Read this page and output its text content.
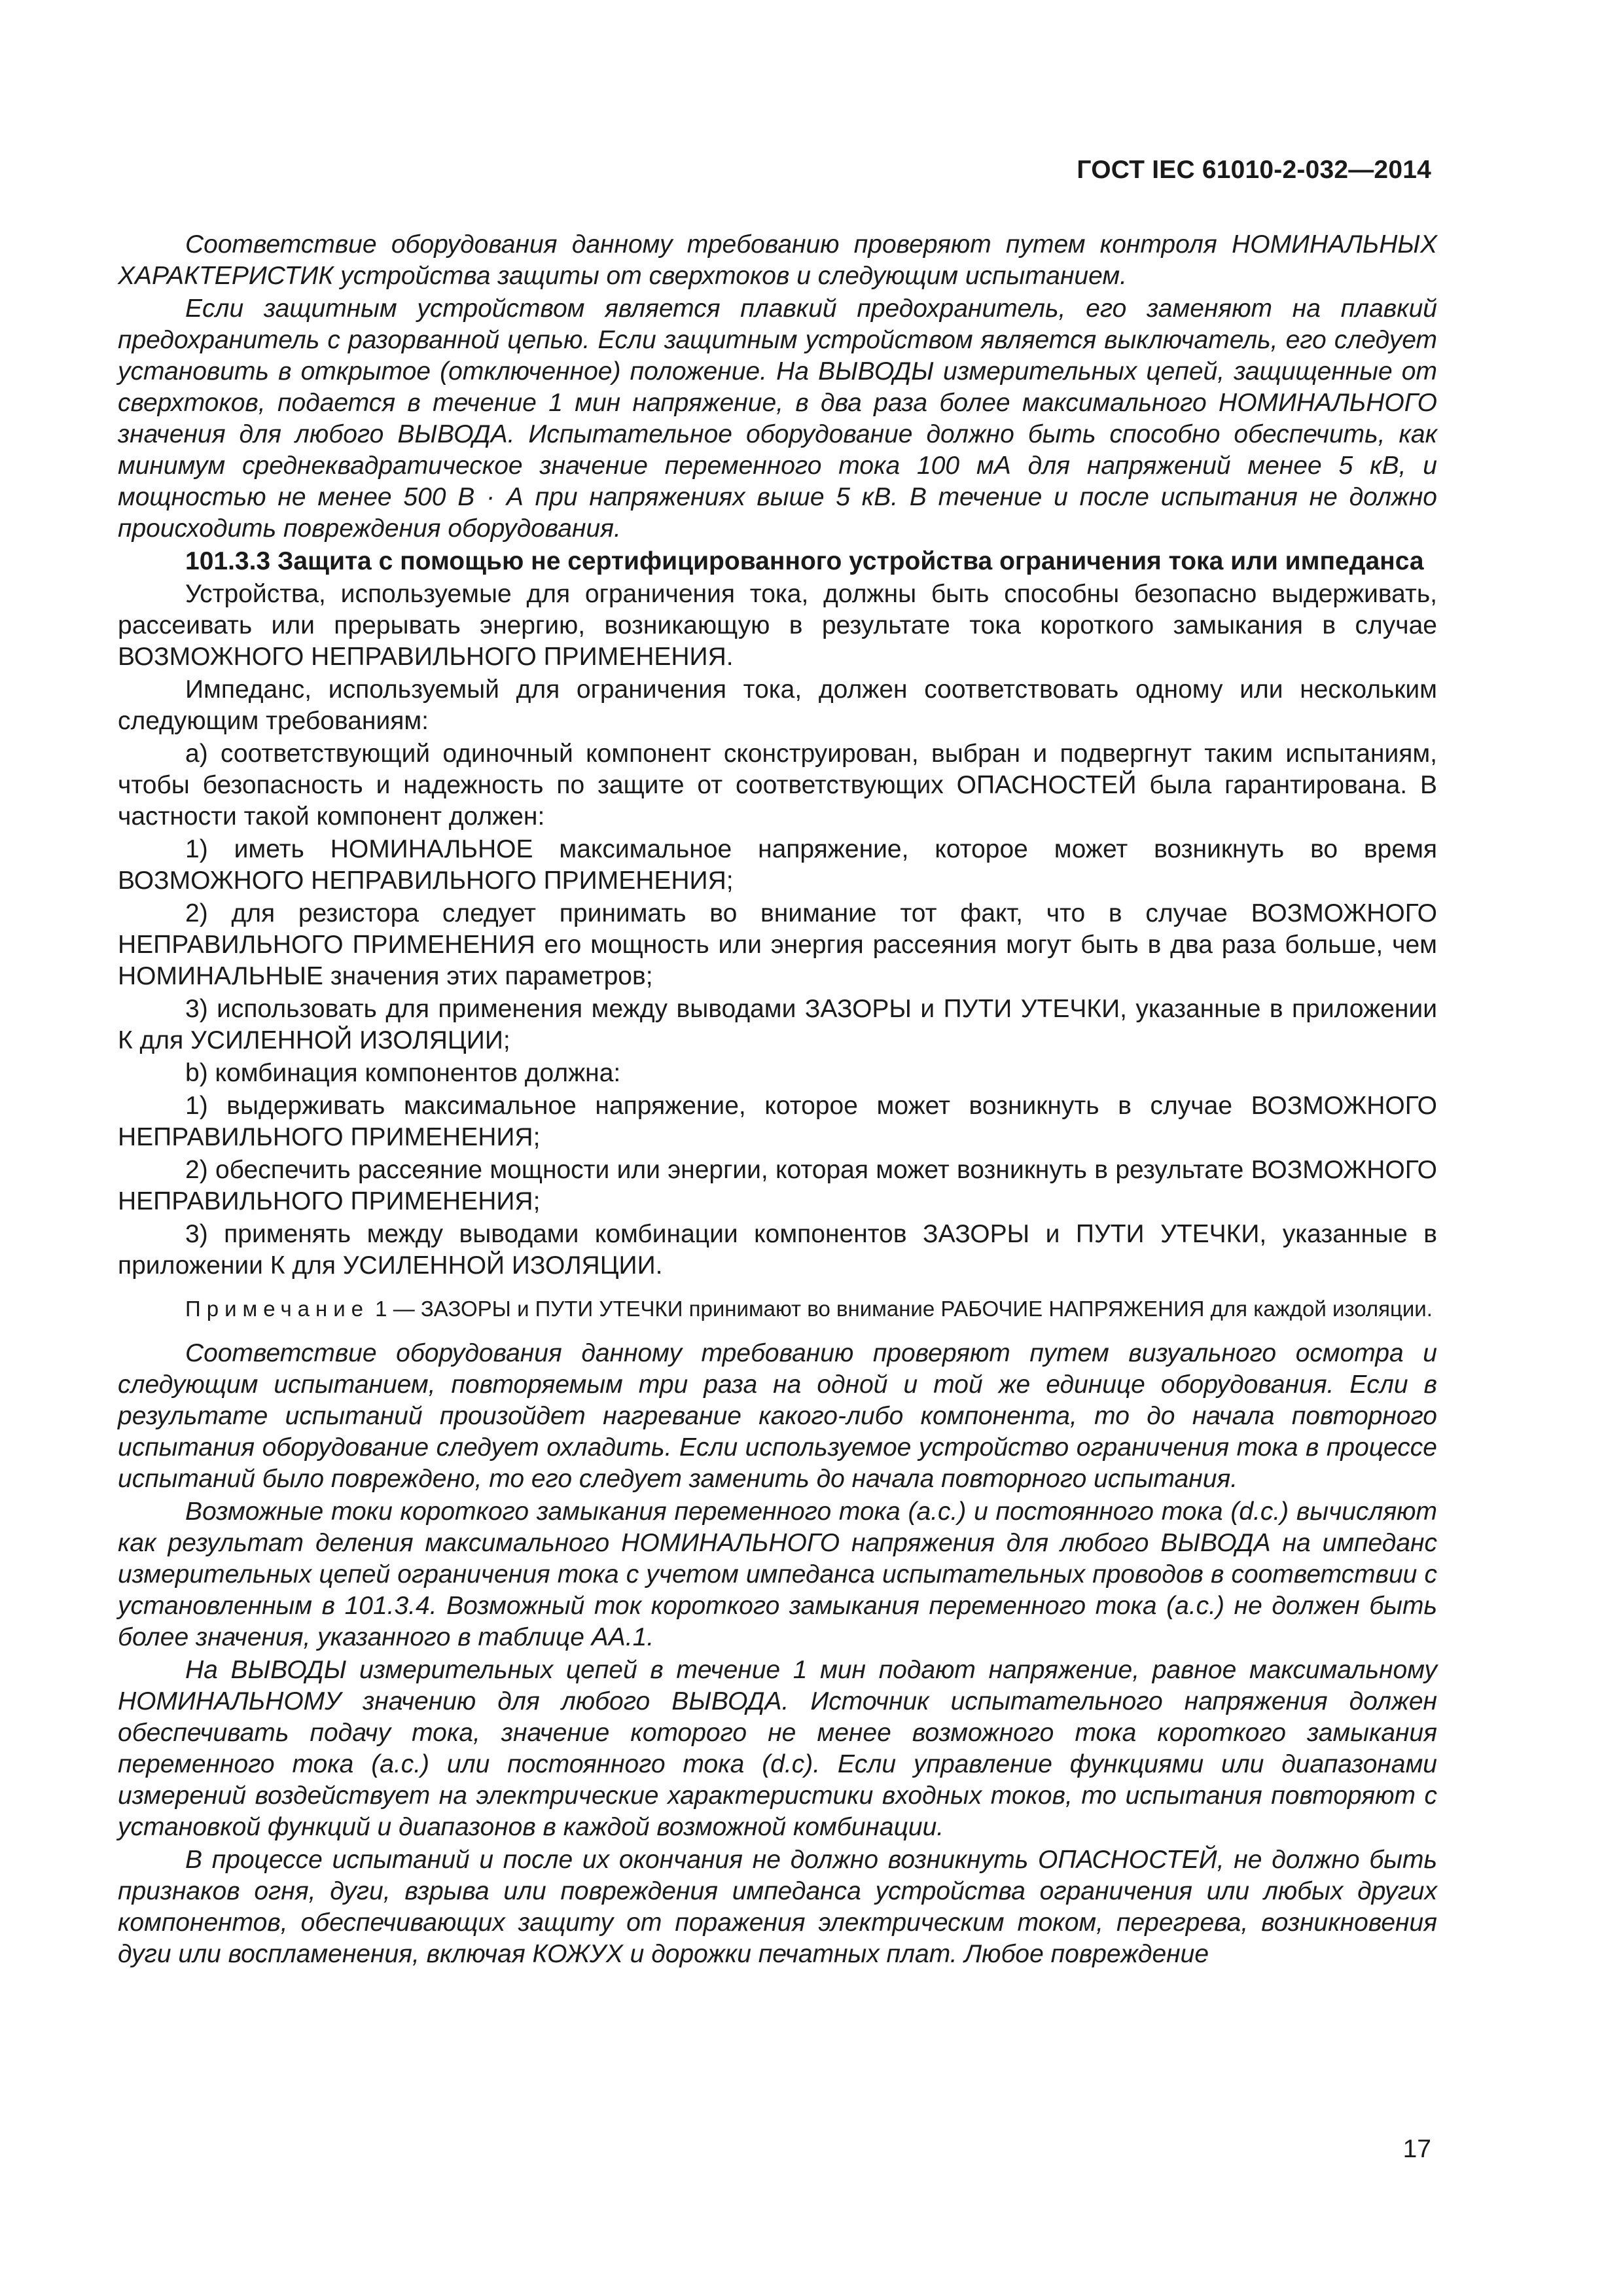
ГОСТ IEC 61010-2-032—2014

Соответствие оборудования данному требованию проверяют путем контроля НОМИНАЛЬНЫХ ХАРАКТЕРИСТИК устройства защиты от сверхтоков и следующим испытанием.

Если защитным устройством является плавкий предохранитель, его заменяют на плавкий предохранитель с разорванной цепью. Если защитным устройством является выключатель, его следует установить в открытое (отключенное) положение. На ВЫВОДЫ измерительных цепей, защищенные от сверхтоков, подается в течение 1 мин напряжение, в два раза более максимального НОМИНАЛЬНОГО значения для любого ВЫВОДА. Испытательное оборудование должно быть способно обеспечить, как минимум среднеквадратическое значение переменного тока 100 мА для напряжений менее 5 кВ, и мощностью не менее 500 В · А при напряжениях выше 5 кВ. В течение и после испытания не должно происходить повреждения оборудования.

101.3.3 Защита с помощью не сертифицированного устройства ограничения тока или импеданса

Устройства, используемые для ограничения тока, должны быть способны безопасно выдерживать, рассеивать или прерывать энергию, возникающую в результате тока короткого замыкания в случае ВОЗМОЖНОГО НЕПРАВИЛЬНОГО ПРИМЕНЕНИЯ.

Импеданс, используемый для ограничения тока, должен соответствовать одному или нескольким следующим требованиям:

a) соответствующий одиночный компонент сконструирован, выбран и подвергнут таким испытаниям, чтобы безопасность и надежность по защите от соответствующих ОПАСНОСТЕЙ была гарантирована. В частности такой компонент должен:

1) иметь НОМИНАЛЬНОЕ максимальное напряжение, которое может возникнуть во время ВОЗМОЖНОГО НЕПРАВИЛЬНОГО ПРИМЕНЕНИЯ;

2) для резистора следует принимать во внимание тот факт, что в случае ВОЗМОЖНОГО НЕПРАВИЛЬНОГО ПРИМЕНЕНИЯ его мощность или энергия рассеяния могут быть в два раза больше, чем НОМИНАЛЬНЫЕ значения этих параметров;

3) использовать для применения между выводами ЗАЗОРЫ и ПУТИ УТЕЧКИ, указанные в приложении К для УСИЛЕННОЙ ИЗОЛЯЦИИ;

b) комбинация компонентов должна:

1) выдерживать максимальное напряжение, которое может возникнуть в случае ВОЗМОЖНОГО НЕПРАВИЛЬНОГО ПРИМЕНЕНИЯ;

2) обеспечить рассеяние мощности или энергии, которая может возникнуть в результате ВОЗМОЖНОГО НЕПРАВИЛЬНОГО ПРИМЕНЕНИЯ;

3) применять между выводами комбинации компонентов ЗАЗОРЫ и ПУТИ УТЕЧКИ, указанные в приложении К для УСИЛЕННОЙ ИЗОЛЯЦИИ.

Примечание 1 — ЗАЗОРЫ и ПУТИ УТЕЧКИ принимают во внимание РАБОЧИЕ НАПРЯЖЕНИЯ для каждой изоляции.

Соответствие оборудования данному требованию проверяют путем визуального осмотра и следующим испытанием, повторяемым три раза на одной и той же единице оборудования. Если в результате испытаний произойдет нагревание какого-либо компонента, то до начала повторного испытания оборудование следует охладить. Если используемое устройство ограничения тока в процессе испытаний было повреждено, то его следует заменить до начала повторного испытания.

Возможные токи короткого замыкания переменного тока (a.c.) и постоянного тока (d.c.) вычисляют как результат деления максимального НОМИНАЛЬНОГО напряжения для любого ВЫВОДА на импеданс измерительных цепей ограничения тока с учетом импеданса испытательных проводов в соответствии с установленным в 101.3.4. Возможный ток короткого замыкания переменного тока (a.c.) не должен быть более значения, указанного в таблице АА.1.

На ВЫВОДЫ измерительных цепей в течение 1 мин подают напряжение, равное максимальному НОМИНАЛЬНОМУ значению для любого ВЫВОДА. Источник испытательного напряжения должен обеспечивать подачу тока, значение которого не менее возможного тока короткого замыкания переменного тока (a.c.) или постоянного тока (d.c). Если управление функциями или диапазонами измерений воздействует на электрические характеристики входных токов, то испытания повторяют с установкой функций и диапазонов в каждой возможной комбинации.

В процессе испытаний и после их окончания не должно возникнуть ОПАСНОСТЕЙ, не должно быть признаков огня, дуги, взрыва или повреждения импеданса устройства ограничения или любых других компонентов, обеспечивающих защиту от поражения электрическим током, перегрева, возникновения дуги или воспламенения, включая КОЖУХ и дорожки печатных плат. Любое повреждение

17
